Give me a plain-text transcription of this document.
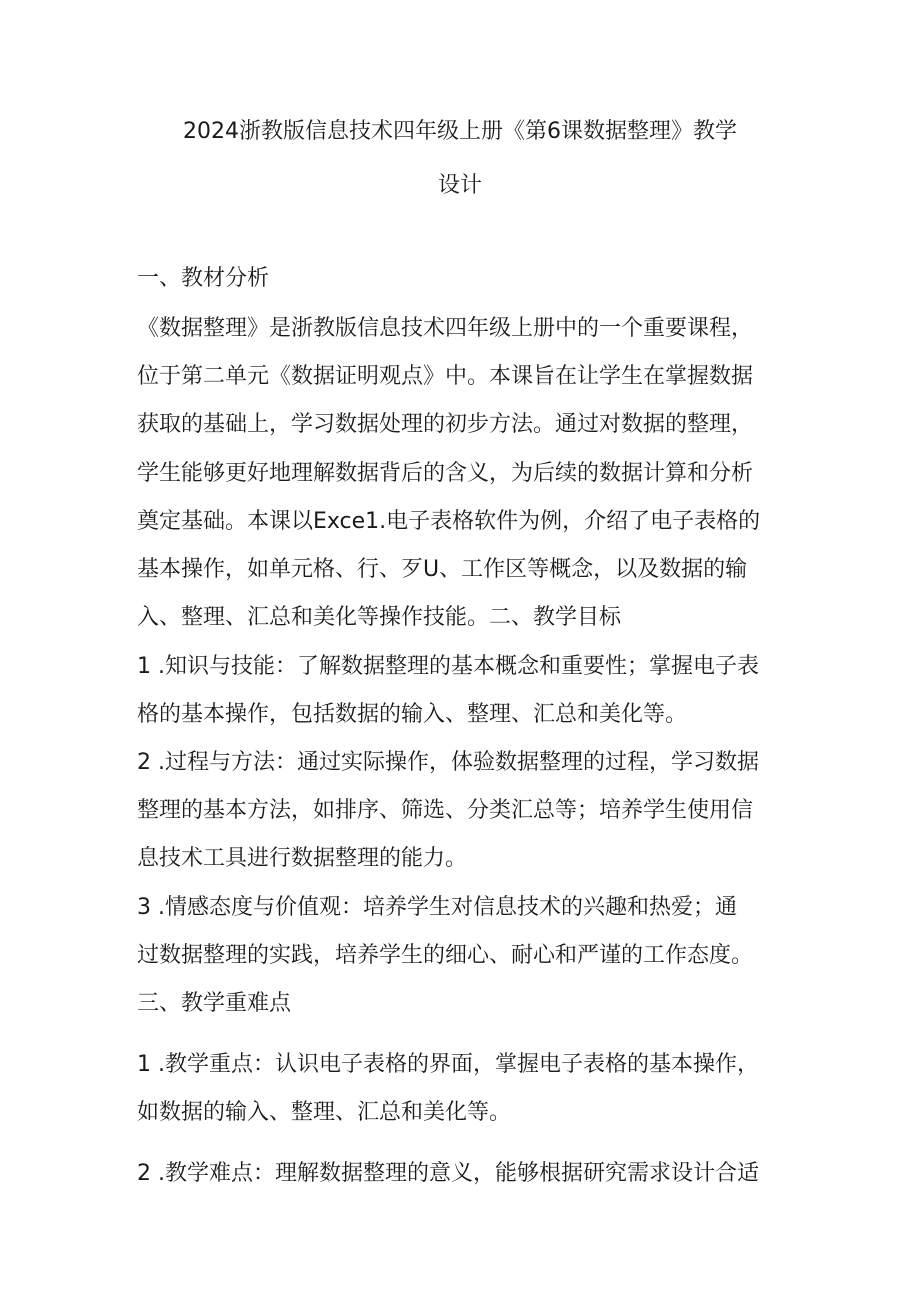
2024浙教版信息技术四年级上册《第6课数据整理》教学
设计
一、教材分析
《数据整理》是浙教版信息技术四年级上册中的一个重要课程，
位于第二单元《数据证明观点》中。本课旨在让学生在掌握数据
获取的基础上，学习数据处理的初步方法。通过对数据的整理，
学生能够更好地理解数据背后的含义，为后续的数据计算和分析
奠定基础。本课以Exce1.电子表格软件为例，介绍了电子表格的
基本操作，如单元格、行、歹U、工作区等概念，以及数据的输
入、整理、汇总和美化等操作技能。二、教学目标
1 .知识与技能：了解数据整理的基本概念和重要性；掌握电子表
格的基本操作，包括数据的输入、整理、汇总和美化等。
2 .过程与方法：通过实际操作，体验数据整理的过程，学习数据
整理的基本方法，如排序、筛选、分类汇总等；培养学生使用信
息技术工具进行数据整理的能力。
3 .情感态度与价值观：培养学生对信息技术的兴趣和热爱；通
过数据整理的实践，培养学生的细心、耐心和严谨的工作态度。
三、教学重难点
1 .教学重点：认识电子表格的界面，掌握电子表格的基本操作，
如数据的输入、整理、汇总和美化等。
2 .教学难点：理解数据整理的意义，能够根据研究需求设计合适
